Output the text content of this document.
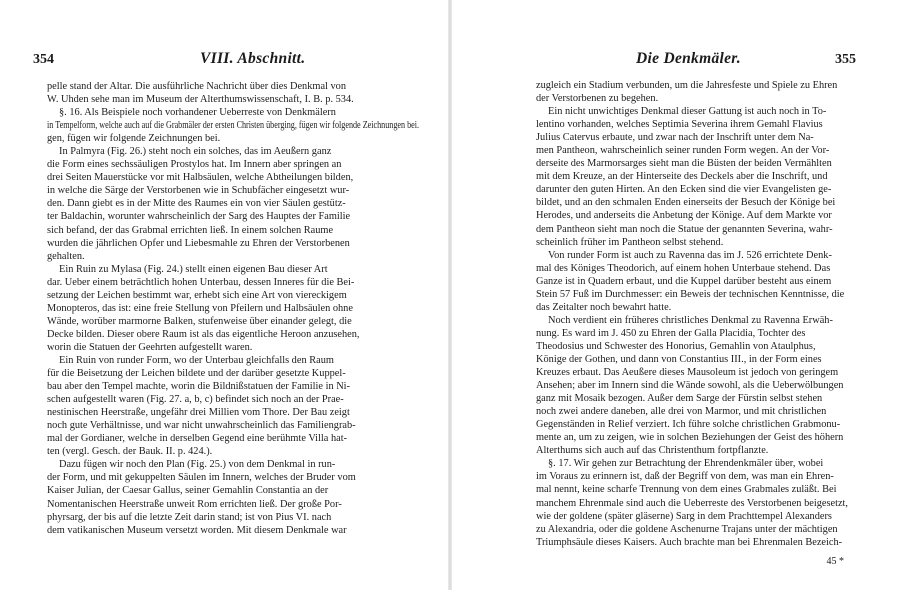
354	VIII. Abschnitt.
pelle stand der Altar. Die ausführliche Nachricht über dies Denkmal von
W. Uhden sehe man im Museum der Alterthumswissenschaft, I. B. p. 534.
§. 16. Als Beispiele noch vorhandener Ueberreste von Denkmälern
in Tempelform, welche auch auf die Grabmäler der ersten Christen überging, fügen wir folgende Zeichnungen bei.
gen, fügen wir folgende Zeichnungen bei.
In Palmyra (Fig. 26.) steht noch ein solches, das im Aeußern ganz
die Form eines sechssäuligen Prostylos hat. Im Innern aber springen an
drei Seiten Mauerstücke vor mit Halbsäulen, welche Abtheilungen bilden,
in welche die Särge der Verstorbenen wie in Schubfächer eingesetzt wur-
den. Dann giebt es in der Mitte des Raumes ein von vier Säulen gestütz-
ter Baldachin, worunter wahrscheinlich der Sarg des Hauptes der Familie
sich befand, der das Grabmal errichten ließ. In einem solchen Raume
wurden die jährlichen Opfer und Liebesmahle zu Ehren der Verstorbenen
gehalten.
Ein Ruin zu Mylasa (Fig. 24.) stellt einen eigenen Bau dieser Art
dar. Ueber einem beträchtlich hohen Unterbau, dessen Inneres für die Bei-
setzung der Leichen bestimmt war, erhebt sich eine Art von viereckigem
Monopteros, das ist: eine freie Stellung von Pfeilern und Halbsäulen ohne
Wände, worüber marmorne Balken, stufenweise über einander gelegt, die
Decke bilden. Dieser obere Raum ist als das eigentliche Heroon anzusehen,
worin die Statuen der Geehrten aufgestellt waren.
Ein Ruin von runder Form, wo der Unterbau gleichfalls den Raum
für die Beisetzung der Leichen bildete und der darüber gesetzte Kuppel-
bau aber den Tempel machte, worin die Bildnißstatuen der Familie in Ni-
schen aufgestellt waren (Fig. 27. a, b, c) befindet sich noch an der Prae-
nestinischen Heerstraße, ungefähr drei Millien vom Thore. Der Bau zeigt
noch gute Verhältnisse, und war nicht unwahrscheinlich das Familiengrab-
mal der Gordianer, welche in derselben Gegend eine berühmte Villa hat-
ten (vergl. Gesch. der Bauk. II. p. 424.).
Dazu fügen wir noch den Plan (Fig. 25.) von dem Denkmal in run-
der Form, und mit gekuppelten Säulen im Innern, welches der Bruder vom
Kaiser Julian, der Caesar Gallus, seiner Gemahlin Constantia an der
Nomentanischen Heerstraße unweit Rom errichten ließ. Der große Por-
phyrsarg, der bis auf die letzte Zeit darin stand; ist von Pius VI. nach
dem vatikanischen Museum versetzt worden. Mit diesem Denkmale war
Die Denkmäler.	355
zugleich ein Stadium verbunden, um die Jahresfeste und Spiele zu Ehren
der Verstorbenen zu begehen.
Ein nicht unwichtiges Denkmal dieser Gattung ist auch noch in To-
lentino vorhanden, welches Septimia Severina ihrem Gemahl Flavius
Julius Catervus erbaute, und zwar nach der Inschrift unter dem Na-
men Pantheon, wahrscheinlich seiner runden Form wegen. An der Vor-
derseite des Marmorsarges sieht man die Büsten der beiden Vermählten
mit dem Kreuze, an der Hinterseite des Deckels aber die Inschrift, und
darunter den guten Hirten. An den Ecken sind die vier Evangelisten ge-
bildet, und an den schmalen Enden einerseits der Besuch der Könige bei
Herodes, und anderseits die Anbetung der Könige. Auf dem Markte vor
dem Pantheon sieht man noch die Statue der genannten Severina, wahr-
scheinlich früher im Pantheon selbst stehend.
Von runder Form ist auch zu Ravenna das im J. 526 errichtete Denk-
mal des Königes Theodorich, auf einem hohen Unterbaue stehend. Das
Ganze ist in Quadern erbaut, und die Kuppel darüber besteht aus einem
Stein 57 Fuß im Durchmesser: ein Beweis der technischen Kenntnisse, die
das Zeitalter noch bewahrt hatte.
Noch verdient ein früheres christliches Denkmal zu Ravenna Erwäh-
nung. Es ward im J. 450 zu Ehren der Galla Placidia, Tochter des
Theodosius und Schwester des Honorius, Gemahlin von Ataulphus,
Könige der Gothen, und dann von Constantius III., in der Form eines
Kreuzes erbaut. Das Aeußere dieses Mausoleum ist jedoch von geringem
Ansehen; aber im Innern sind die Wände sowohl, als die Ueberwölbungen
ganz mit Mosaik bezogen. Außer dem Sarge der Fürstin selbst stehen
noch zwei andere daneben, alle drei von Marmor, und mit christlichen
Gegenständen in Relief verziert. Ich führe solche christlichen Grabmonu-
mente an, um zu zeigen, wie in solchen Beziehungen der Geist des höhern
Alterthums sich auch auf das Christenthum fortpflanzte.
§. 17. Wir gehen zur Betrachtung der Ehrendenkmäler über, wobei
im Voraus zu erinnern ist, daß der Begriff von dem, was man ein Ehren-
mal nennt, keine scharfe Trennung von dem eines Grabmales zuläßt. Bei
manchem Ehrenmale sind auch die Ueberreste des Verstorbenen beigesetzt,
wie der goldene (später gläserne) Sarg in dem Prachttempel Alexanders
zu Alexandria, oder die goldene Aschenurne Trajans unter der mächtigen
Triumphsäule dieses Kaisers. Auch brachte man bei Ehrenmalen Bezeich-
45 *
